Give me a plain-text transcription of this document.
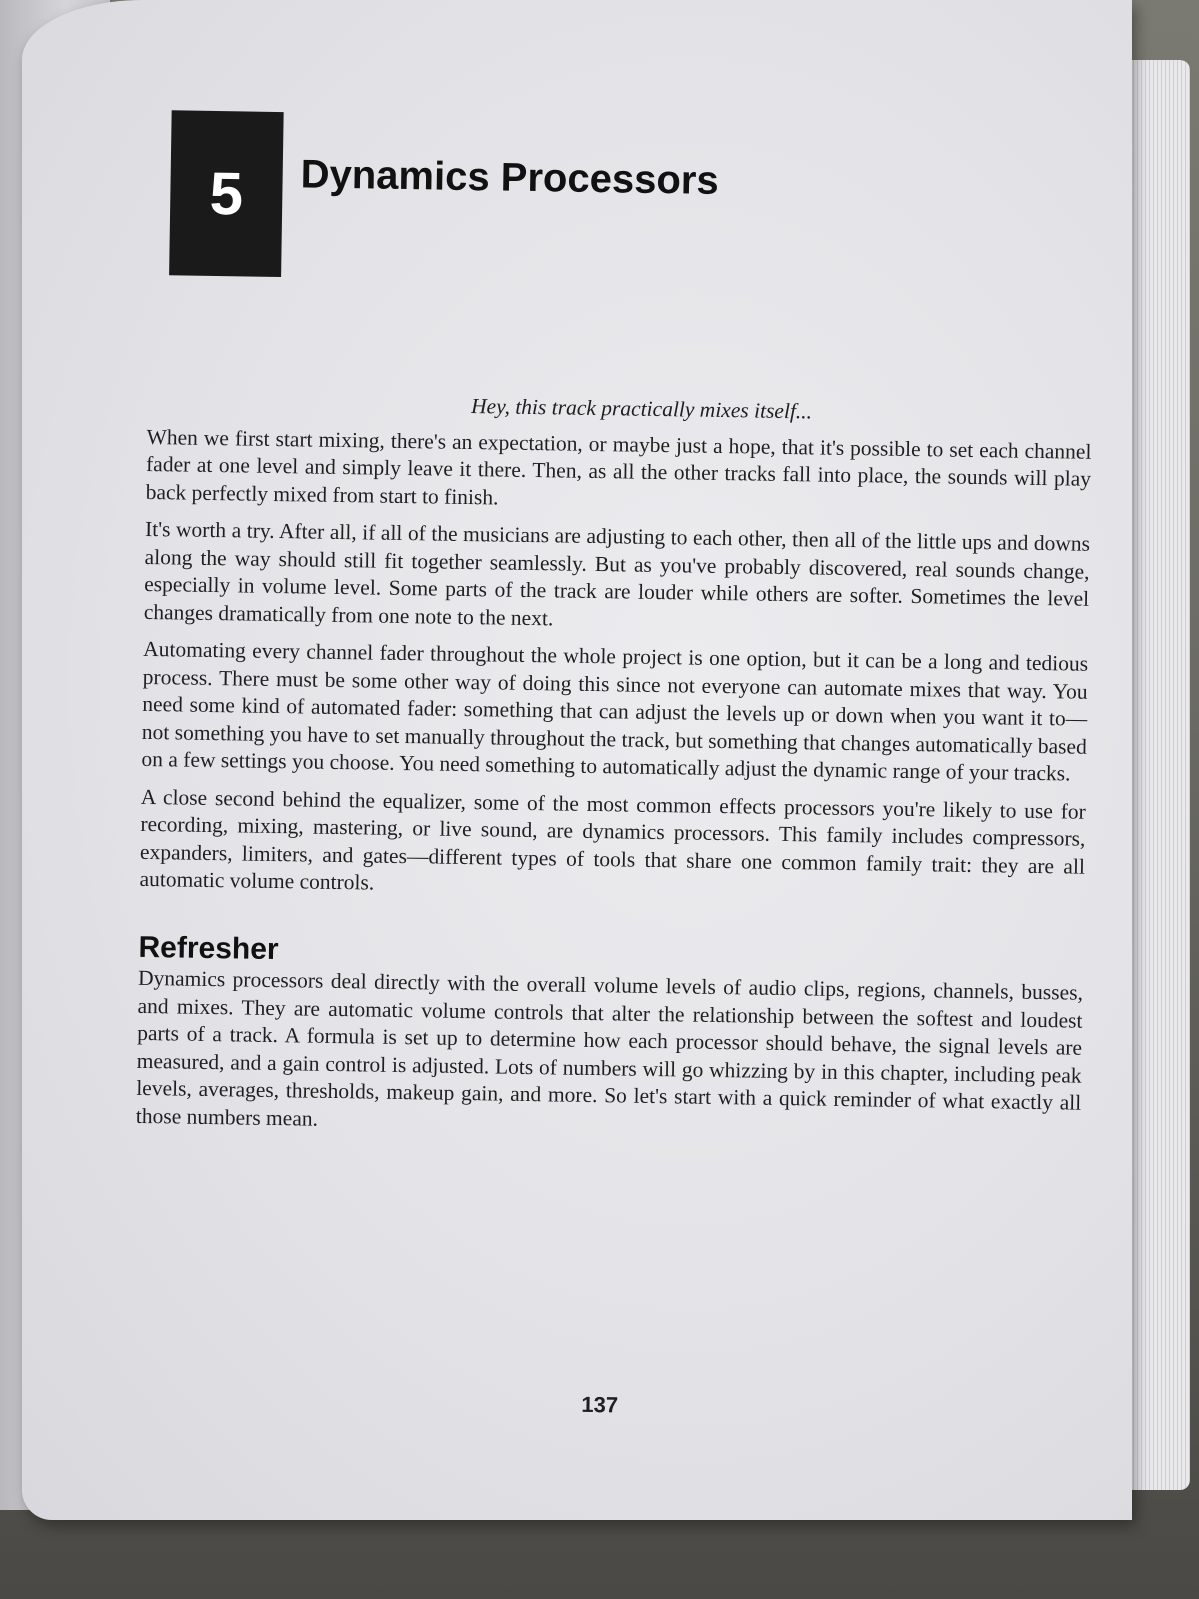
5	Dynamics Processors
Hey, this track practically mixes itself...

When we first start mixing, there's an expectation, or maybe just a hope, that it's possible to set each channel fader at one level and simply leave it there. Then, as all the other tracks fall into place, the sounds will play back perfectly mixed from start to finish.

It's worth a try. After all, if all of the musicians are adjusting to each other, then all of the little ups and downs along the way should still fit together seamlessly. But as you've probably discovered, real sounds change, especially in volume level. Some parts of the track are louder while others are softer. Sometimes the level changes dramatically from one note to the next.

Automating every channel fader throughout the whole project is one option, but it can be a long and tedious process. There must be some other way of doing this since not everyone can automate mixes that way. You need some kind of automated fader: something that can adjust the levels up or down when you want it to—not something you have to set manually throughout the track, but something that changes automatically based on a few settings you choose. You need something to automatically adjust the dynamic range of your tracks.

A close second behind the equalizer, some of the most common effects processors you're likely to use for recording, mixing, mastering, or live sound, are dynamics processors. This family includes compressors, expanders, limiters, and gates—different types of tools that share one common family trait: they are all automatic volume controls.

Refresher

Dynamics processors deal directly with the overall volume levels of audio clips, regions, channels, busses, and mixes. They are automatic volume controls that alter the relationship between the softest and loudest parts of a track. A formula is set up to determine how each processor should behave, the signal levels are measured, and a gain control is adjusted. Lots of numbers will go whizzing by in this chapter, including peak levels, averages, thresholds, makeup gain, and more. So let's start with a quick reminder of what exactly all those numbers mean.

137
